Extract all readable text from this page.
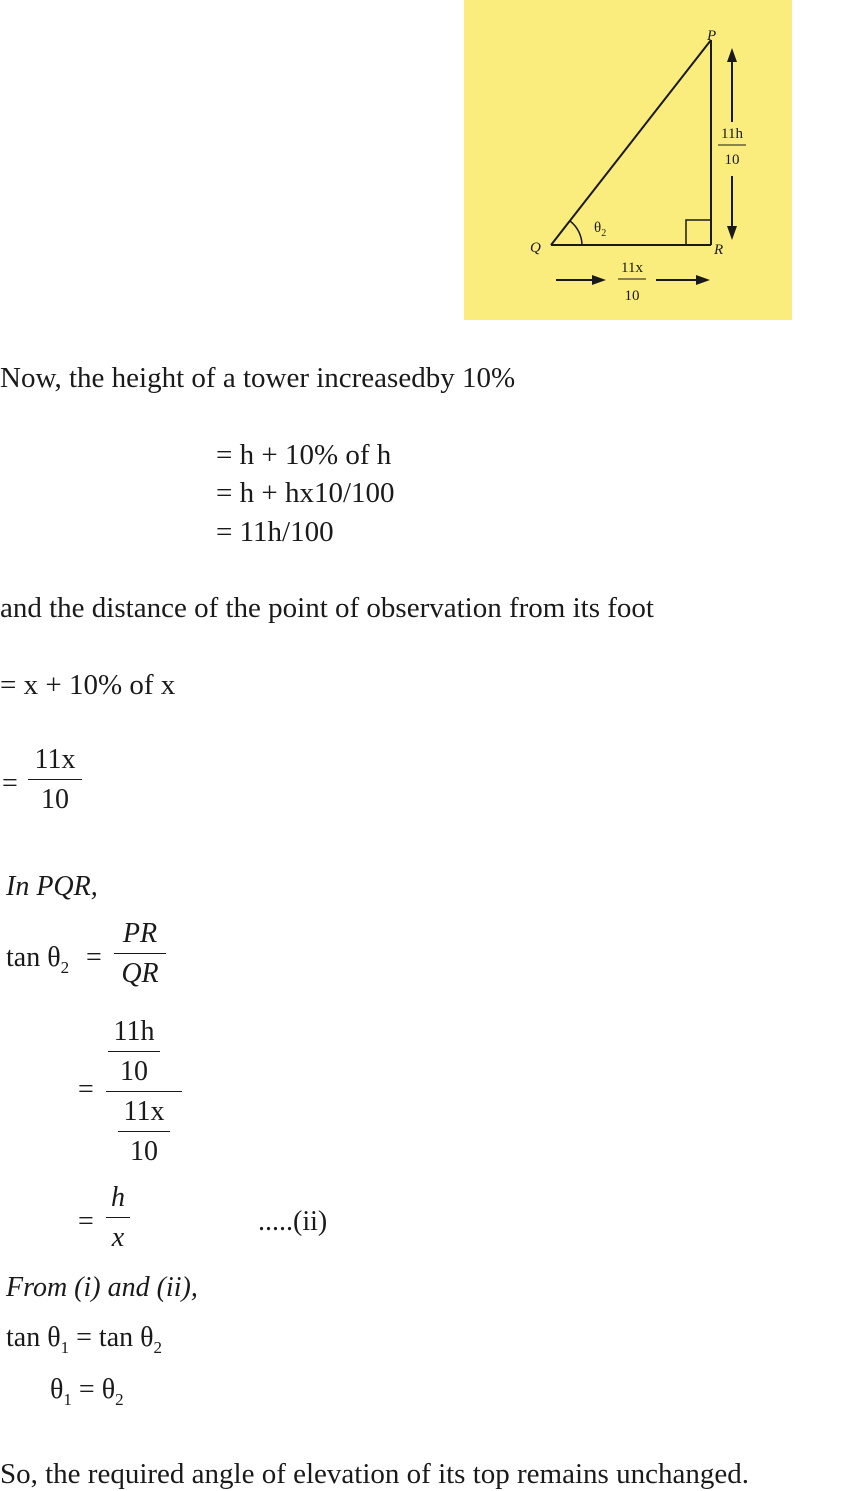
P
Q	R
$\theta_2$
11h
10
11x
10
Now, the height of a tower increasedby 10%
= h + 10% of h
= h + hx10/100
= 11h/100
and the distance of the point of observation from its foot
= x + 10% of x
=
11x
10
In PQR,
$\tan \theta_2$ =
PR
QR
=
11h
10
11x
10
=
h
x
.....(ii)
From (i) and (ii),
$\tan \theta_1 = \tan \theta_2$
$\theta_1 = \theta_2$
So, the required angle of elevation of its top remains unchanged.
